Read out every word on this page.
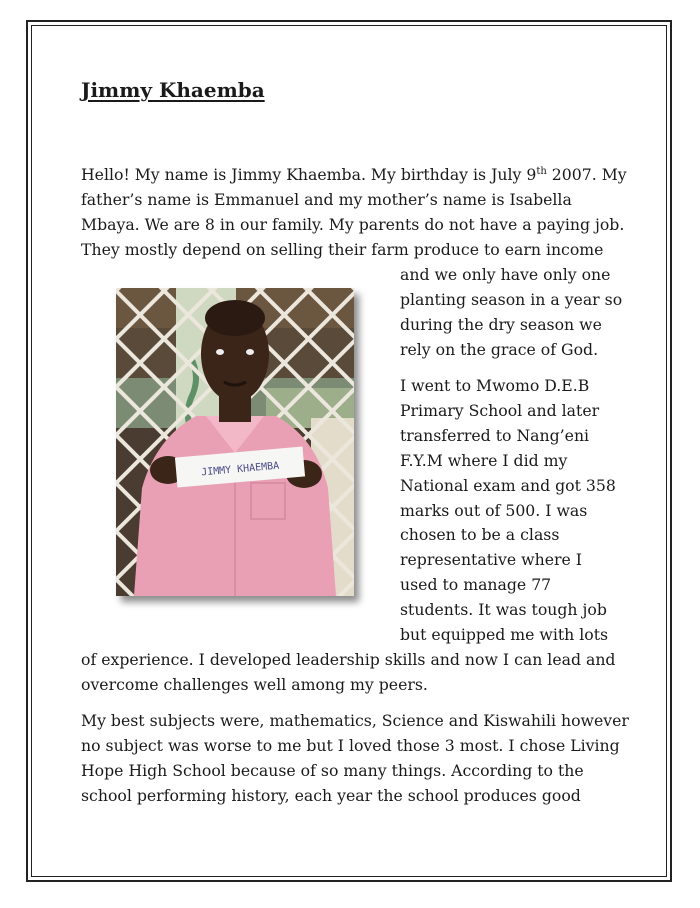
Jimmy Khaemba
Hello! My name is Jimmy Khaemba. My birthday is July 9th 2007. My
father’s name is Emmanuel and my mother’s name is Isabella
Mbaya. We are 8 in our family. My parents do not have a paying job.
They mostly depend on selling their farm produce to earn income
and we only have only one
planting season in a year so
during the dry season we
rely on the grace of God.
I went to Mwomo D.E.B
Primary School and later
transferred to Nang’eni
F.Y.M where I did my
National exam and got 358
marks out of 500. I was
chosen to be a class
representative where I
used to manage 77
students. It was tough job
but equipped me with lots
of experience. I developed leadership skills and now I can lead and
overcome challenges well among my peers.
My best subjects were, mathematics, Science and Kiswahili however
no subject was worse to me but I loved those 3 most. I chose Living
Hope High School because of so many things. According to the
school performing history, each year the school produces good
JIMMY KHAEMBA
